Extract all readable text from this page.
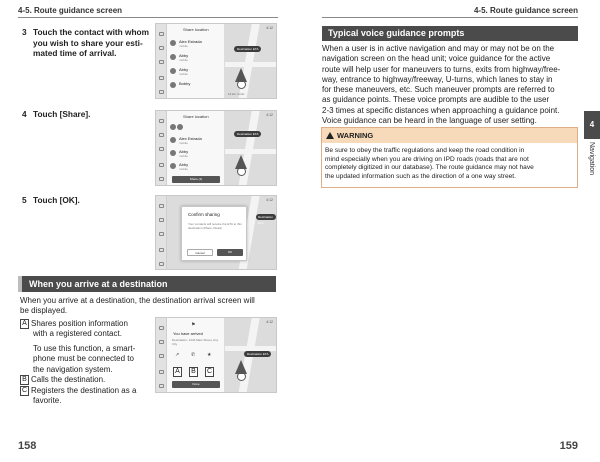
4-5. Route guidance screen	4-5. Route guidance screen
3 Touch the contact with whom
you wish to share your esti-
mated time of arrival.
4 Touch [Share].
5 Touch [OK].
Share location
Alex Estrada
mobile
Abby
mobile
Abby
mobile
Bobby
Destination ETA
4:12
12 km 4 min
Share location
Alex Estrada
mobile
Abby
mobile
Abby
mobile
Share (1)
Destination ETA
4:12
4:12
Confirm sharing
Your contacts will receive the ETA to this destination (Place, Road)
Cancel	OK
Destination ETA
When you arrive at a destination
When you arrive at a destination, the destination arrival screen will
be displayed.
A Shares position information
with a registered contact.
To use this function, a smart-
phone must be connected to
the navigation system.
B Calls the destination.
C Registers the destination as a
favorite.
⚑
You have arrived
Destination: 1234 Main Street, Any City
↗ ✆ ★
Done
Destination ETA
4:12
A	B	C
Typical voice guidance prompts
When a user is in active navigation and may or may not be on the
navigation screen on the head unit; voice guidance for the active
route will help user for maneuvers to turns, exits from highway/free-
way, entrance to highway/freeway, U-turns, which lanes to stay in
for these maneuvers, etc. Such maneuver prompts are referred to
as guidance points. These voice prompts are audible to the user
2-3 times at specific distances when approaching a guidance point.
Voice guidance can be heard in the language of user setting.
WARNING
Be sure to obey the traffic regulations and keep the road condition in
mind especially when you are driving on IPD roads (roads that are not
completely digitized in our database). The route guidance may not have
the updated information such as the direction of a one way street.
4
Navigation
158	159
